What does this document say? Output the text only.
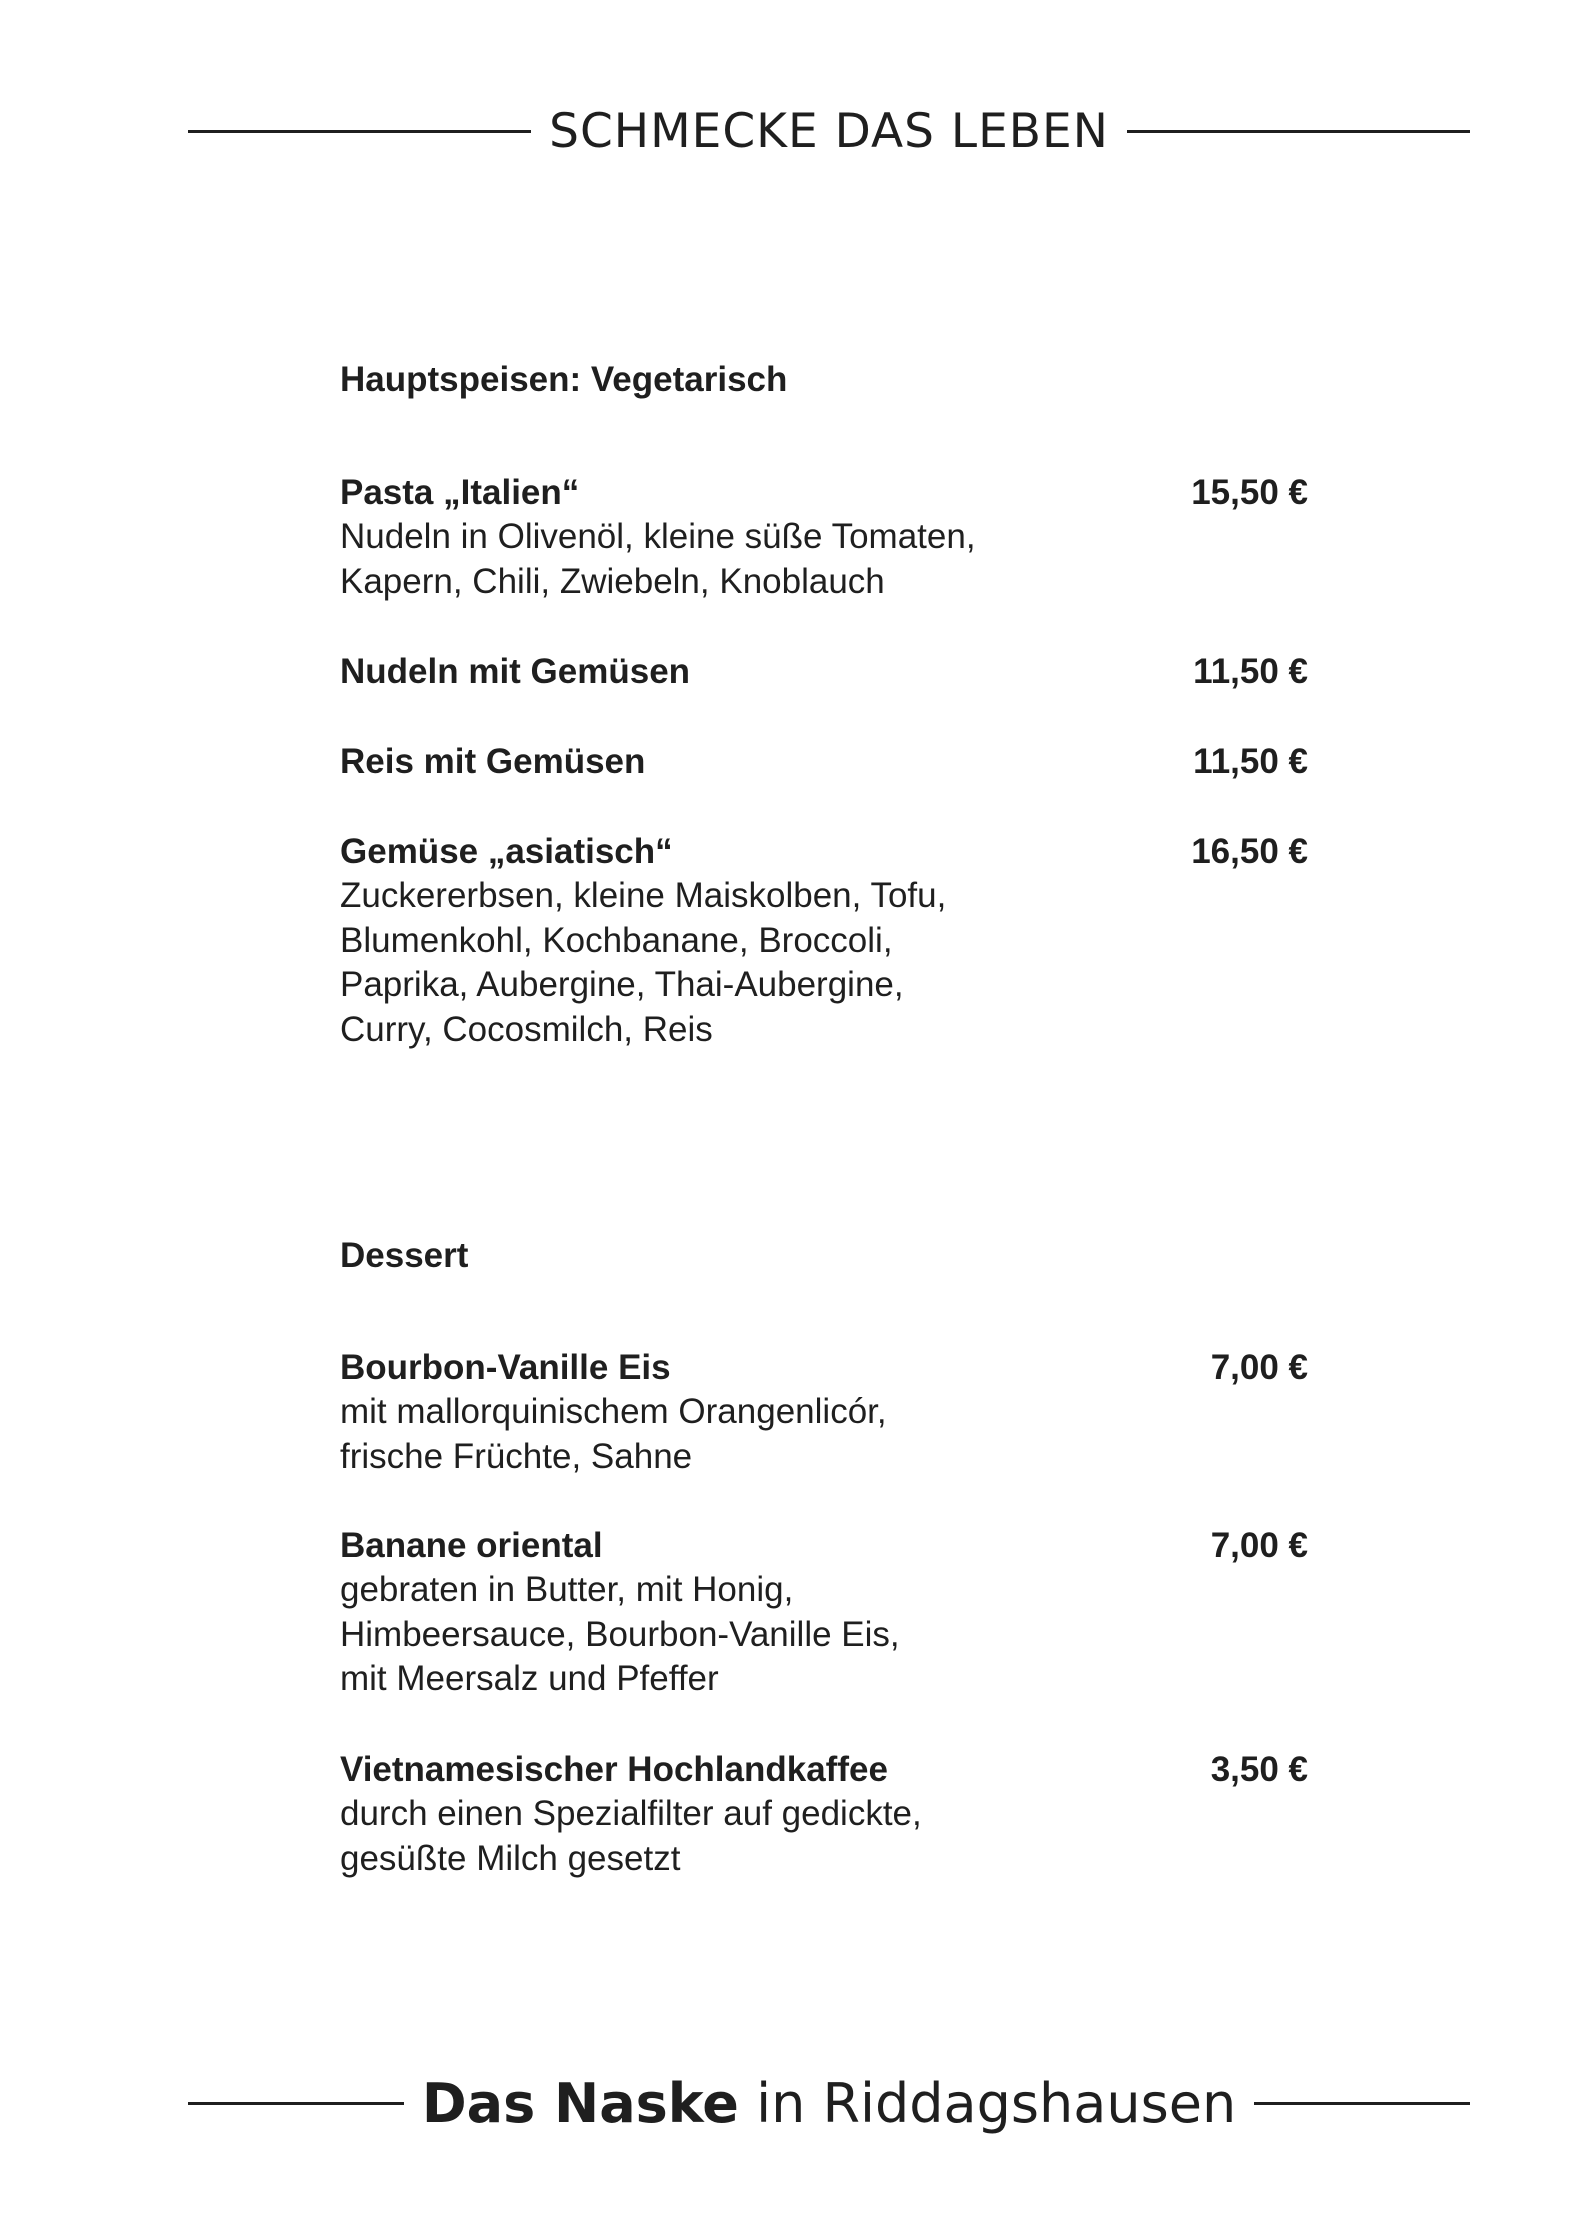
SCHMECKE DAS LEBEN
Hauptspeisen: Vegetarisch
Pasta „Italien“	15,50 €
Nudeln in Olivenöl, kleine süße Tomaten,
Kapern, Chili, Zwiebeln, Knoblauch
Nudeln mit Gemüsen	11,50 €
Reis mit Gemüsen	11,50 €
Gemüse „asiatisch“	16,50 €
Zuckererbsen, kleine Maiskolben, Tofu,
Blumenkohl, Kochbanane, Broccoli,
Paprika, Aubergine, Thai-Aubergine,
Curry, Cocosmilch, Reis
Dessert
Bourbon-Vanille Eis	7,00 €
mit mallorquinischem Orangenlicór,
frische Früchte, Sahne
Banane oriental	7,00 €
gebraten in Butter, mit Honig,
Himbeersauce, Bourbon-Vanille Eis,
mit Meersalz und Pfeffer
Vietnamesischer Hochlandkaffee	3,50 €
durch einen Spezialfilter auf gedickte,
gesüßte Milch gesetzt
Das Naske in Riddagshausen
